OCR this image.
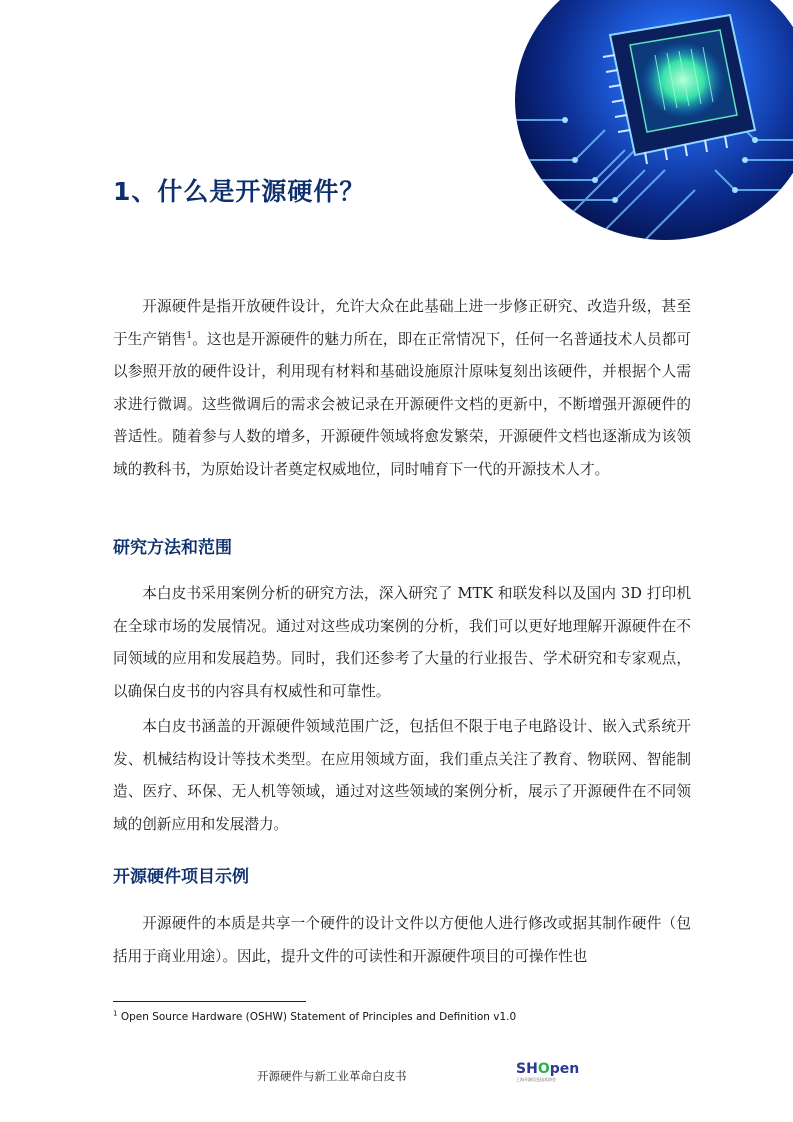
1、什么是开源硬件？

开源硬件是指开放硬件设计，允许大众在此基础上进一步修正研究、改造升级，甚至于生产销售$^1$。这也是开源硬件的魅力所在，即在正常情况下，任何一名普通技术人员都可以参照开放的硬件设计，利用现有材料和基础设施原汁原味复刻出该硬件，并根据个人需求进行微调。这些微调后的需求会被记录在开源硬件文档的更新中，不断增强开源硬件的普适性。随着参与人数的增多，开源硬件领域将愈发繁荣，开源硬件文档也逐渐成为该领域的教科书，为原始设计者奠定权威地位，同时哺育下一代的开源技术人才。

研究方法和范围

本白皮书采用案例分析的研究方法，深入研究了 MTK 和联发科以及国内 3D 打印机在全球市场的发展情况。通过对这些成功案例的分析，我们可以更好地理解开源硬件在不同领域的应用和发展趋势。同时，我们还参考了大量的行业报告、学术研究和专家观点，以确保白皮书的内容具有权威性和可靠性。

本白皮书涵盖的开源硬件领域范围广泛，包括但不限于电子电路设计、嵌入式系统开发、机械结构设计等技术类型。在应用领域方面，我们重点关注了教育、物联网、智能制造、医疗、环保、无人机等领域，通过对这些领域的案例分析，展示了开源硬件在不同领域的创新应用和发展潜力。

开源硬件项目示例

开源硬件的本质是共享一个硬件的设计文件以方便他人进行修改或据其制作硬件（包括用于商业用途）。因此，提升文件的可读性和开源硬件项目的可操作性也

$^1$ Open Source Hardware (OSHW) Statement of Principles and Definition v1.0
开源硬件与新工业革命白皮书	SHOpen
上海开源信息技术协会
